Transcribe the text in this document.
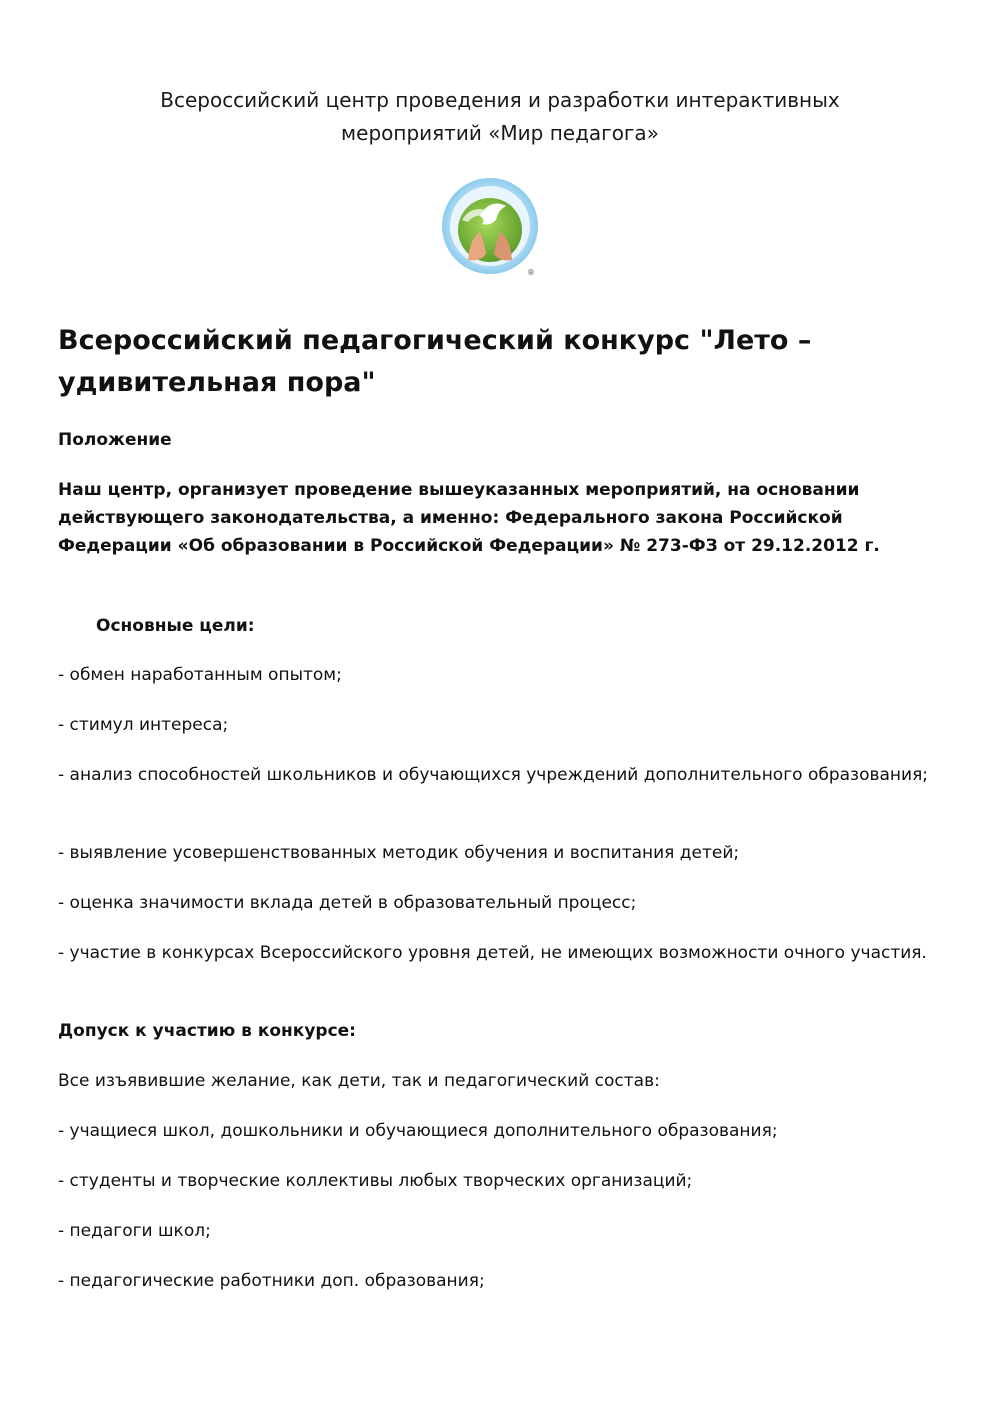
Всероссийский центр проведения и разработки интерактивных
мероприятий «Мир педагога»
®
Всероссийский педагогический конкурс "Лето – удивительная пора"

Положение

Наш центр, организует проведение вышеуказанных мероприятий, на основании действующего законодательства, а именно: Федерального закона Российской Федерации «Об образовании в Российской Федерации» № 273-ФЗ от 29.12.2012 г.

Основные цели:

- обмен наработанным опытом;

- стимул интереса;

- анализ способностей школьников и обучающихся учреждений дополнительного образования;

- выявление усовершенствованных методик обучения и воспитания детей;

- оценка значимости вклада детей в образовательный процесс;

- участие в конкурсах Всероссийского уровня детей, не имеющих возможности очного участия.

Допуск к участию в конкурсе:

Все изъявившие желание, как дети, так и педагогический состав:

- учащиеся школ, дошкольники и обучающиеся дополнительного образования;

- студенты и творческие коллективы любых творческих организаций;

- педагоги школ;

- педагогические работники доп. образования;
